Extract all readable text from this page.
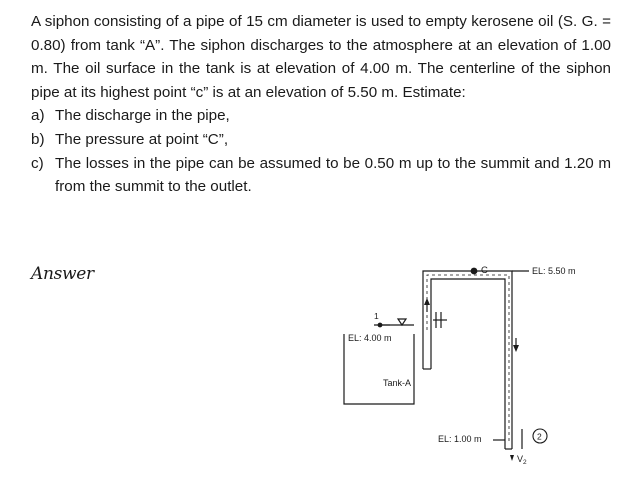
A siphon consisting of a pipe of 15 cm diameter is used to empty kerosene oil (S. G. = 0.80) from tank “A”. The siphon discharges to the atmosphere at an elevation of 1.00 m. The oil surface in the tank is at elevation of 4.00 m. The centerline of the siphon pipe at its highest point “c” is at an elevation of 5.50 m. Estimate:

a) The discharge in the pipe,
b) The pressure at point “C”,
c) The losses in the pipe can be assumed to be 0.50 m up to the summit and 1.20 m from the summit to the outlet.
Answer	C	EL: 5.50 m
1
EL: 4.00 m
Tank-A
EL: 1.00 m	2
$V_2$
